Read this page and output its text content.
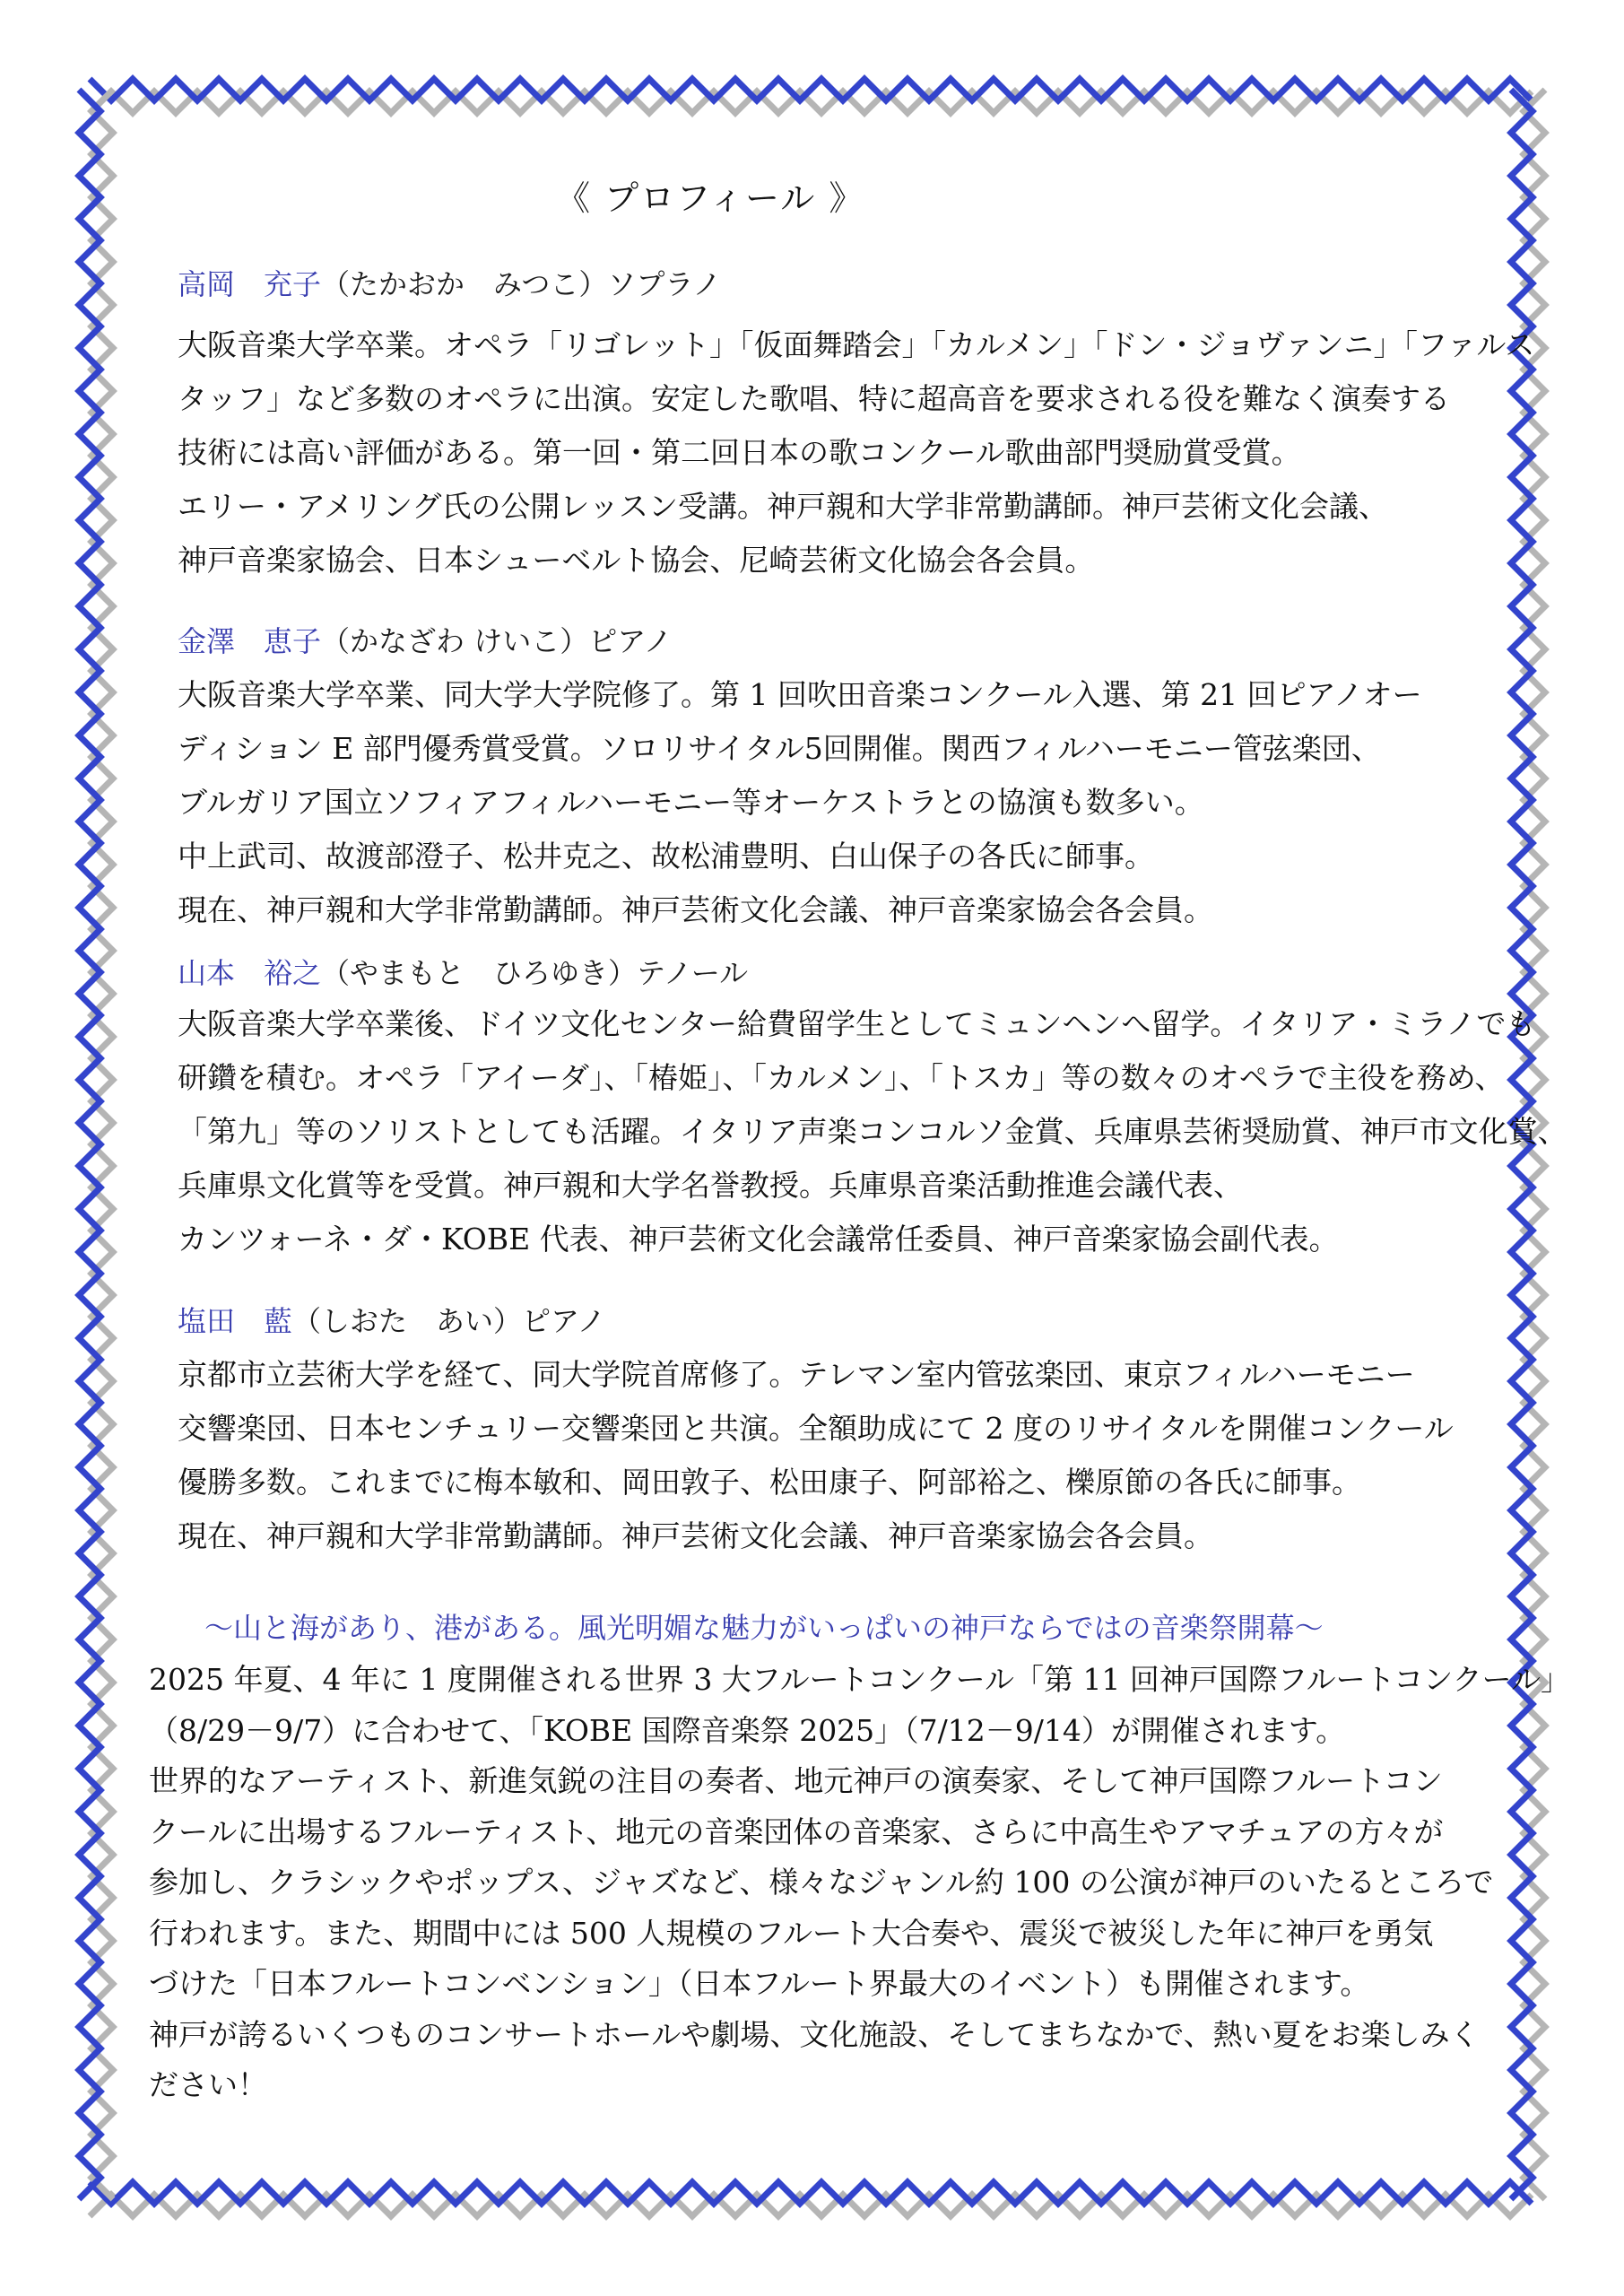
《 プロフィール 》
高岡　充子（たかおか　みつこ）ソプラノ
大阪音楽大学卒業。オペラ「リゴレット」「仮面舞踏会」「カルメン」「ドン・ジョヴァンニ」「ファルス
タッフ」など多数のオペラに出演。安定した歌唱、特に超高音を要求される役を難なく演奏する
技術には高い評価がある。第一回・第二回日本の歌コンクール歌曲部門奨励賞受賞。
エリー・アメリング氏の公開レッスン受講。神戸親和大学非常勤講師。神戸芸術文化会議、
神戸音楽家協会、日本シューベルト協会、尼崎芸術文化協会各会員。
金澤　恵子（かなざわ けいこ）ピアノ
大阪音楽大学卒業、同大学大学院修了。第 1 回吹田音楽コンクール入選、第 21 回ピアノオー
ディション E 部門優秀賞受賞。ソロリサイタル5回開催。関西フィルハーモニー管弦楽団、
ブルガリア国立ソフィアフィルハーモニー等オーケストラとの協演も数多い。
中上武司、故渡部澄子、松井克之、故松浦豊明、白山保子の各氏に師事。
現在、神戸親和大学非常勤講師。神戸芸術文化会議、神戸音楽家協会各会員。
山本　裕之（やまもと　ひろゆき）テノール
大阪音楽大学卒業後、ドイツ文化センター給費留学生としてミュンヘンへ留学。イタリア・ミラノでも
研鑽を積む。オペラ「アイーダ」、「椿姫」、「カルメン」、「トスカ」等の数々のオペラで主役を務め、
「第九」等のソリストとしても活躍。イタリア声楽コンコルソ金賞、兵庫県芸術奨励賞、神戸市文化賞、
兵庫県文化賞等を受賞。神戸親和大学名誉教授。兵庫県音楽活動推進会議代表、
カンツォーネ・ダ・KOBE 代表、神戸芸術文化会議常任委員、神戸音楽家協会副代表。
塩田　藍（しおた　あい）ピアノ
京都市立芸術大学を経て、同大学院首席修了。テレマン室内管弦楽団、東京フィルハーモニー
交響楽団、日本センチュリー交響楽団と共演。全額助成にて 2 度のリサイタルを開催コンクール
優勝多数。これまでに梅本敏和、岡田敦子、松田康子、阿部裕之、櫟原節の各氏に師事。
現在、神戸親和大学非常勤講師。神戸芸術文化会議、神戸音楽家協会各会員。
～山と海があり、港がある。風光明媚な魅力がいっぱいの神戸ならではの音楽祭開幕～
2025 年夏、4 年に 1 度開催される世界 3 大フルートコンクール「第 11 回神戸国際フルートコンクール」
（8/29－9/7）に合わせて、「KOBE 国際音楽祭 2025」（7/12－9/14）が開催されます。
世界的なアーティスト、新進気鋭の注目の奏者、地元神戸の演奏家、そして神戸国際フルートコン
クールに出場するフルーティスト、地元の音楽団体の音楽家、さらに中高生やアマチュアの方々が
参加し、クラシックやポップス、ジャズなど、様々なジャンル約 100 の公演が神戸のいたるところで
行われます。また、期間中には 500 人規模のフルート大合奏や、震災で被災した年に神戸を勇気
づけた「日本フルートコンベンション」（日本フルート界最大のイベント）も開催されます。
神戸が誇るいくつものコンサートホールや劇場、文化施設、そしてまちなかで、熱い夏をお楽しみく
ださい！
